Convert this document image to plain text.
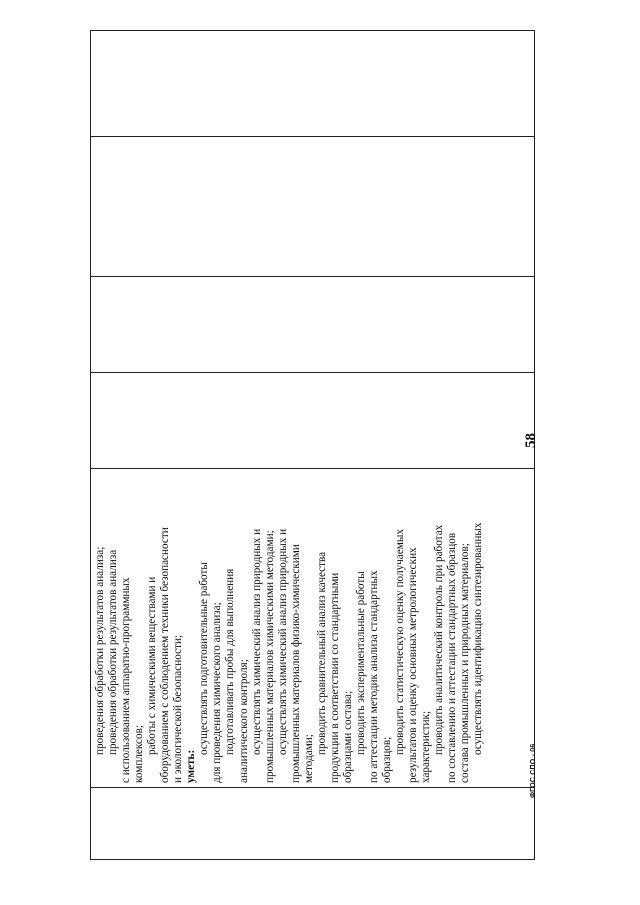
проведения обработки результатов анализа; проведения обработки результатов анализа с использованием аппаратно-программных комплексов; работы с химическими веществами и оборудованием с соблюдением техники безопасности и экологической безопасности; уметь:
осуществлять подготовительные работы для проведения химического анализа; подготавливать пробы для выполнения аналитического контроля; осуществлять химический анализ природных и промышленных материалов химическими методами; осуществлять химический анализ природных и промышленных материалов физико-химическими методами;
проводить сравнительный анализ качества продукции в соответствии со стандартными образцами состава; проводить экспериментальные работы по аттестации методик анализа стандартных образцов;
проводить статистическую оценку получаемых результатов и оценку основных метрологических характеристик; проводить аналитический контроль при работах по составлению и аттестации стандартных образцов состава промышленных и природных материалов; осуществлять идентификацию синтезированных
58
ФГОС СПО - 06
